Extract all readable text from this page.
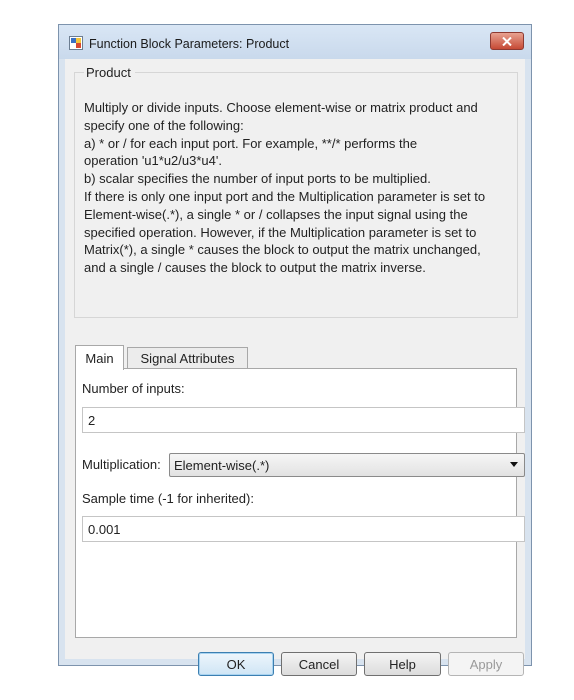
Function Block Parameters: Product
Product
Multiply or divide inputs. Choose element-wise or matrix product and
specify one of the following:
a) * or / for each input port. For example, **/* performs the
operation 'u1*u2/u3*u4'.
b) scalar specifies the number of input ports to be multiplied.
If there is only one input port and the Multiplication parameter is set to
Element-wise(.*), a single * or / collapses the input signal using the
specified operation. However, if the Multiplication parameter is set to
Matrix(*), a single * causes the block to output the matrix unchanged,
and a single / causes the block to output the matrix inverse.
Main	Signal Attributes
Number of inputs:
2
Multiplication: Element-wise(.*)
Sample time (-1 for inherited):
0.001
OK	Cancel	Help	Apply
